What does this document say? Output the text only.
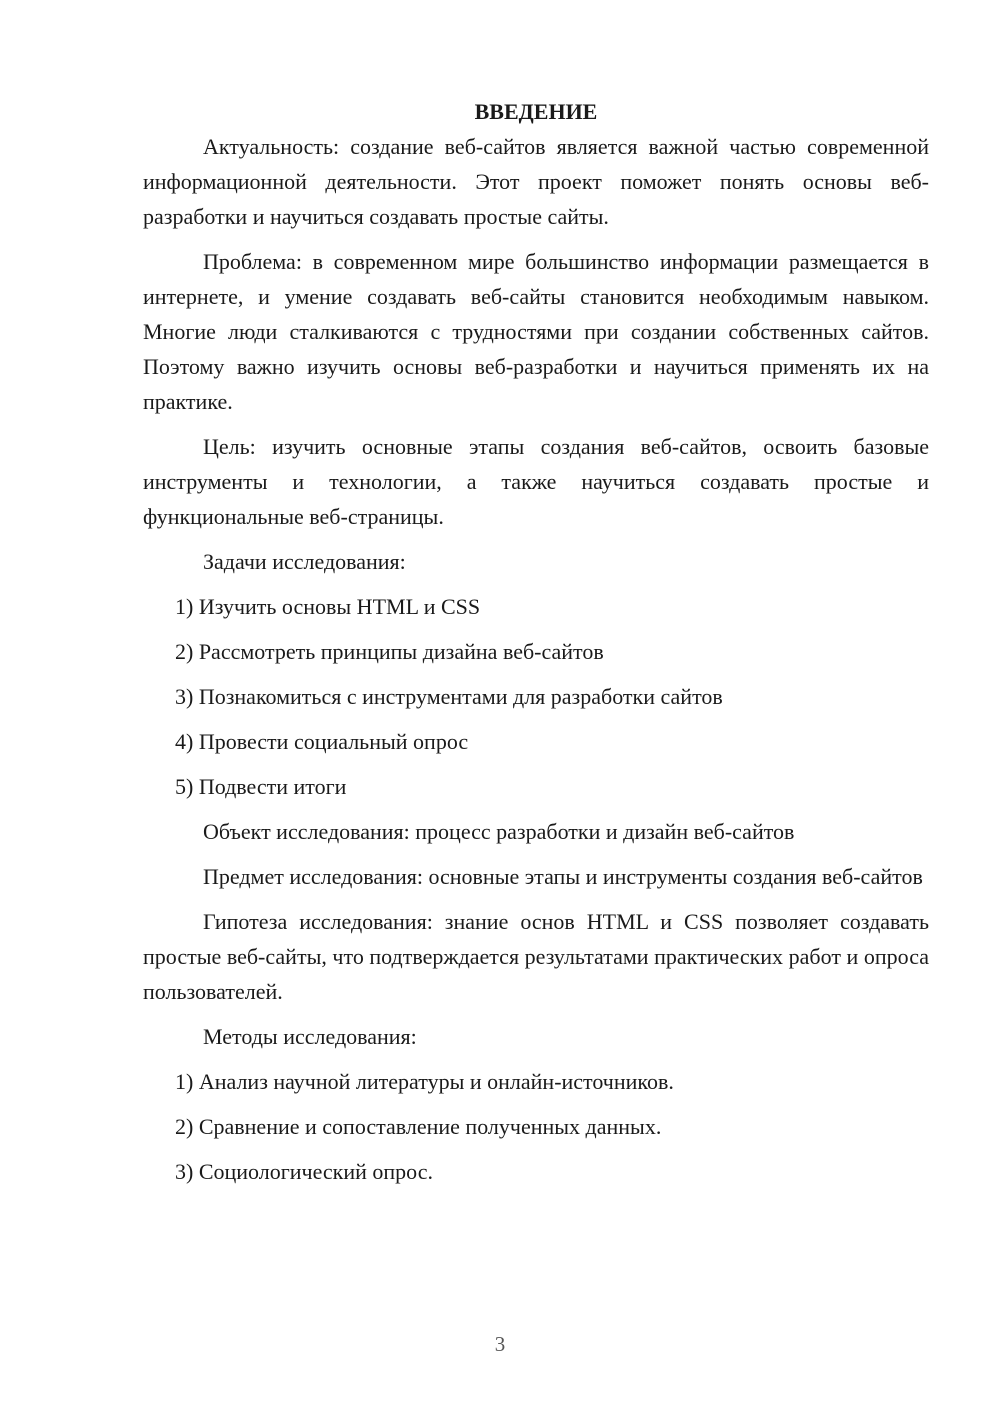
ВВЕДЕНИЕ

Актуальность: создание веб-сайтов является важной частью современной информационной деятельности. Этот проект поможет понять основы веб-разработки и научиться создавать простые сайты.

Проблема: в современном мире большинство информации размещается в интернете, и умение создавать веб-сайты становится необходимым навыком. Многие люди сталкиваются с трудностями при создании собственных сайтов. Поэтому важно изучить основы веб-разработки и научиться применять их на практике.

Цель: изучить основные этапы создания веб-сайтов, освоить базовые инструменты и технологии, а также научиться создавать простые и функциональные веб-страницы.

Задачи исследования:

1) Изучить основы HTML и CSS
2) Рассмотреть принципы дизайна веб-сайтов
3) Познакомиться с инструментами для разработки сайтов
4) Провести социальный опрос
5) Подвести итоги

Объект исследования: процесс разработки и дизайн веб-сайтов

Предмет исследования: основные этапы и инструменты создания веб-сайтов

Гипотеза исследования: знание основ HTML и CSS позволяет создавать простые веб-сайты, что подтверждается результатами практических работ и опроса пользователей.

Методы исследования:

1) Анализ научной литературы и онлайн-источников.
2) Сравнение и сопоставление полученных данных.
3) Социологический опрос.
3
